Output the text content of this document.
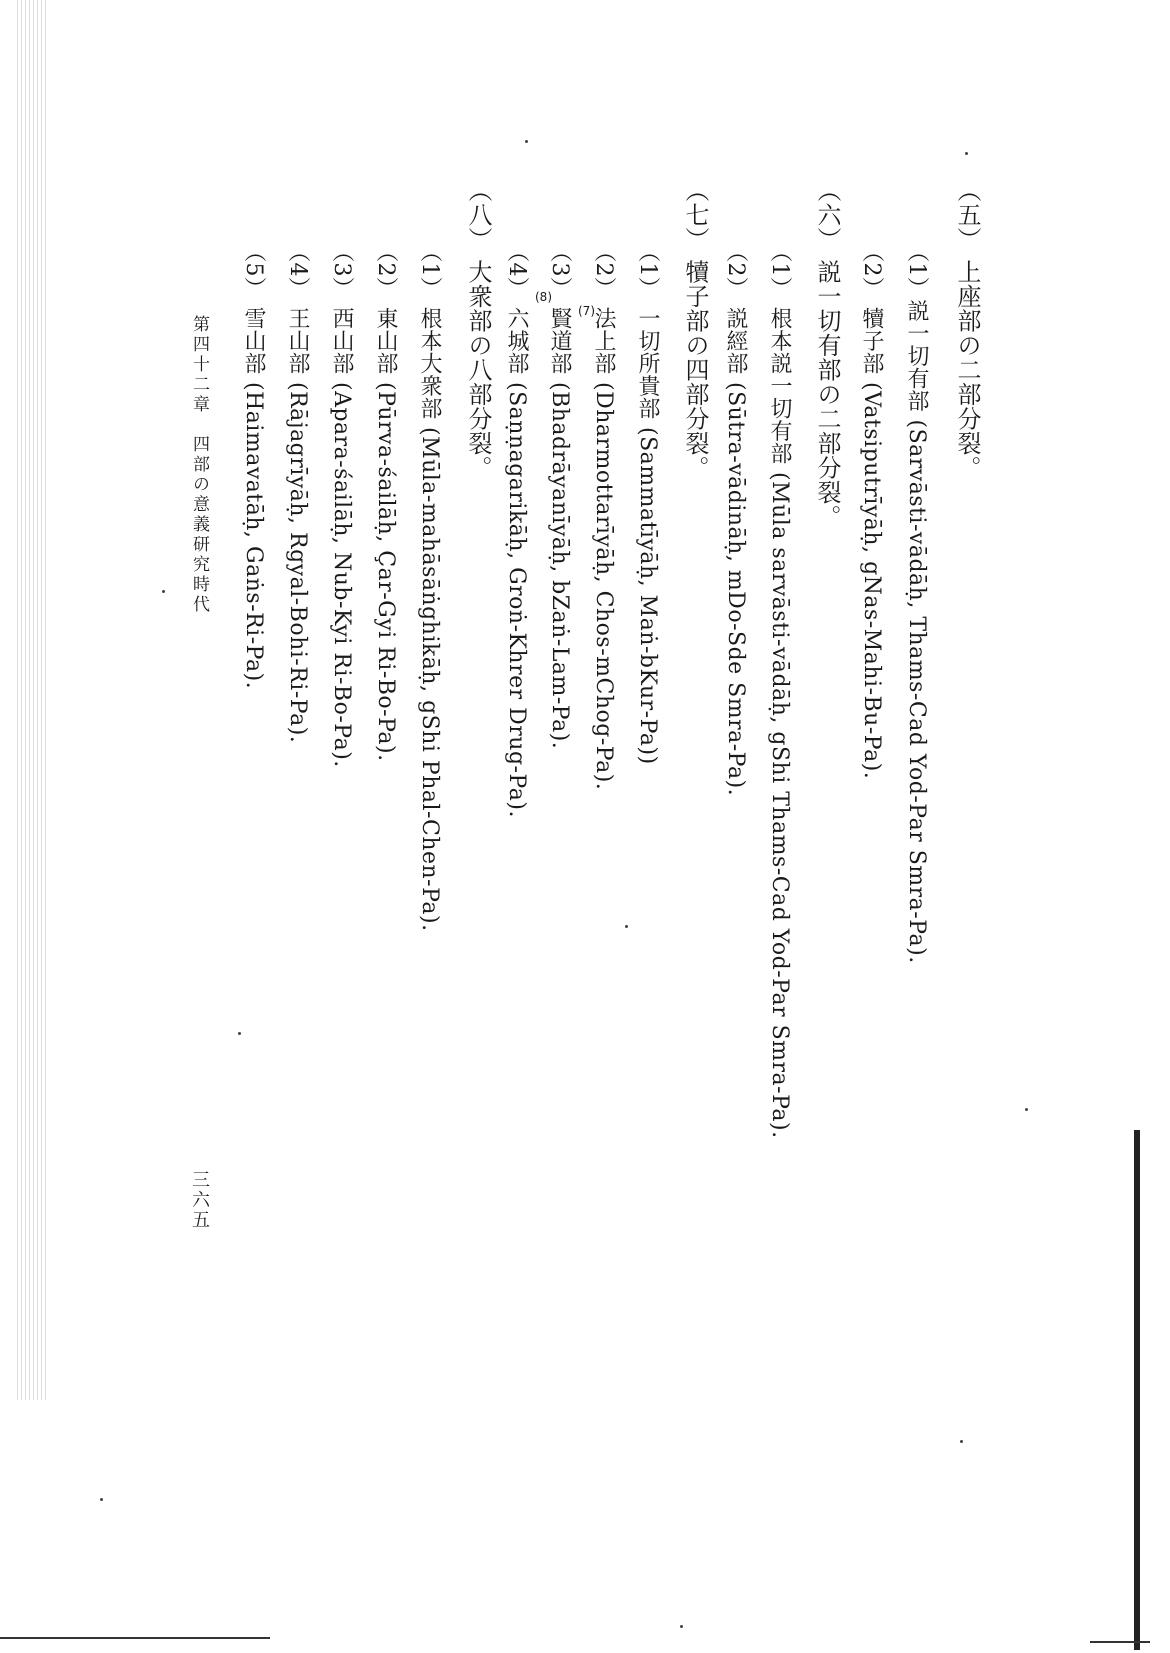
（五） 上座部の二部分裂。
（1）説一切有部 (Sarvāsti-vādāḥ, Thams-Cad Yod-Par Smra-Pa).
（2） 犢子部 (Vatsiputrīyāḥ, gNas-Mahi-Bu-Pa).
（六） 説一切有部の二部分裂。
（1） 根本説一切有部 (Mūla sarvāsti-vādāḥ, gShi Thams-Cad Yod-Par Smra-Pa).
（2） 説經部 (Sūtra-vādināḥ, mDo-Sde Smra-Pa).
（七） 犢子部の四部分裂。
（1） 一切所貴部 (Sammatīyāḥ, Maṅ-bKur-Pa))
（2） 法上部 (Dharmottarīyāḥ, Chos-mChog-Pa).
(7)
（3） 賢道部 (Bhadrāyanīyāḥ, bZaṅ-Lam-Pa).
(8)
（4） 六城部 (Saṇṇagarikāḥ, Groṅ-Khrer Drug-Pa).
（八） 大衆部の八部分裂。
（1） 根本大衆部 (Mūla-mahāsāṅghikāḥ, gShi Phal-Chen-Pa).
（2） 東山部 (Pūrva-śailāḥ, Çar-Gyi Ri-Bo-Pa).
（3） 西山部 (Apara-śailāḥ, Nub-Kyi Ri-Bo-Pa).
（4） 王山部 (Rājagrīyāḥ, Rgyal-Bohi-Ri-Pa).
（5） 雪山部 (Haimavatāḥ, Gaṅs-Ri-Pa).
第四十二章　四部の意義研究時代
三六五
